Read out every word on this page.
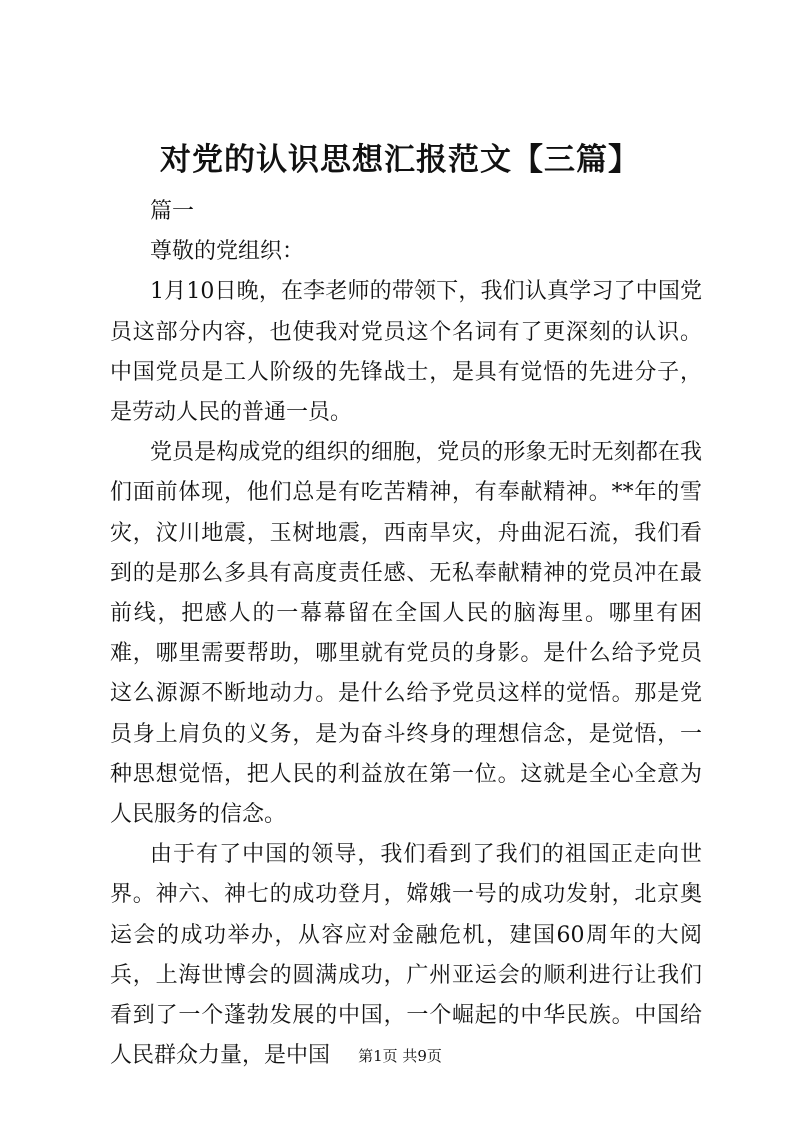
对党的认识思想汇报范文【三篇】

篇一

尊敬的党组织：

1月10日晚，在李老师的带领下，我们认真学习了中国党员这部分内容，也使我对党员这个名词有了更深刻的认识。中国党员是工人阶级的先锋战士，是具有觉悟的先进分子，是劳动人民的普通一员。

党员是构成党的组织的细胞，党员的形象无时无刻都在我们面前体现，他们总是有吃苦精神，有奉献精神。**年的雪灾，汶川地震，玉树地震，西南旱灾，舟曲泥石流，我们看到的是那么多具有高度责任感、无私奉献精神的党员冲在最前线，把感人的一幕幕留在全国人民的脑海里。哪里有困难，哪里需要帮助，哪里就有党员的身影。是什么给予党员这么源源不断地动力。是什么给予党员这样的觉悟。那是党员身上肩负的义务，是为奋斗终身的理想信念，是觉悟，一种思想觉悟，把人民的利益放在第一位。这就是全心全意为人民服务的信念。

由于有了中国的领导，我们看到了我们的祖国正走向世界。神六、神七的成功登月，嫦娥一号的成功发射，北京奥运会的成功举办，从容应对金融危机，建国60周年的大阅兵，上海世博会的圆满成功，广州亚运会的顺利进行让我们看到了一个蓬勃发展的中国，一个崛起的中华民族。中国给人民群众力量，是中国	第1页 共9页
